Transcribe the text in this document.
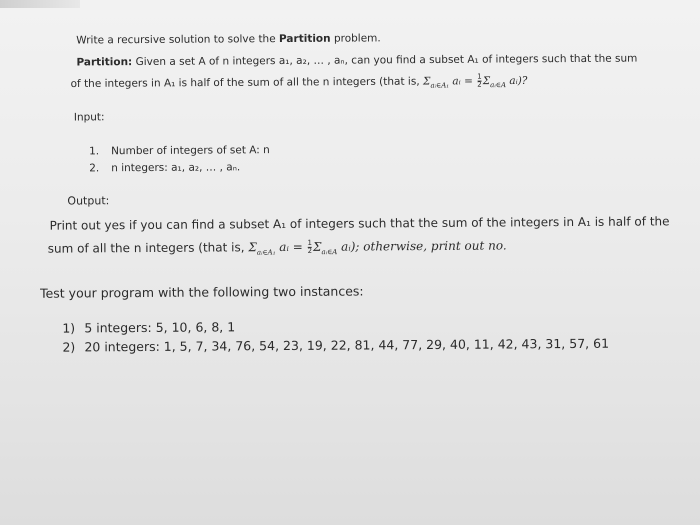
Write a recursive solution to solve the Partition problem.
Partition: Given a set A of n integers a₁, a₂, … , aₙ, can you find a subset A₁ of integers such that the sum
of the integers in A₁ is half of the sum of all the n integers (that is, $\Sigma_{aᵢ\in A_1}$ aᵢ = $\frac{1}{2} \Sigma_{aᵢ\in A}$ aᵢ)?
Input:
1. Number of integers of set A: n
2. n integers: a₁, a₂, … , aₙ.
Output:
Print out yes if you can find a subset A₁ of integers such that the sum of the integers in A₁ is half of the
sum of all the n integers (that is, $\Sigma_{aᵢ\in A_1}$ aᵢ = $\frac{1}{2} \Sigma_{aᵢ\in A}$ aᵢ); otherwise, print out no.
Test your program with the following two instances:
1) 5 integers: 5, 10, 6, 8, 1
2) 20 integers: 1, 5, 7, 34, 76, 54, 23, 19, 22, 81, 44, 77, 29, 40, 11, 42, 43, 31, 57, 61
